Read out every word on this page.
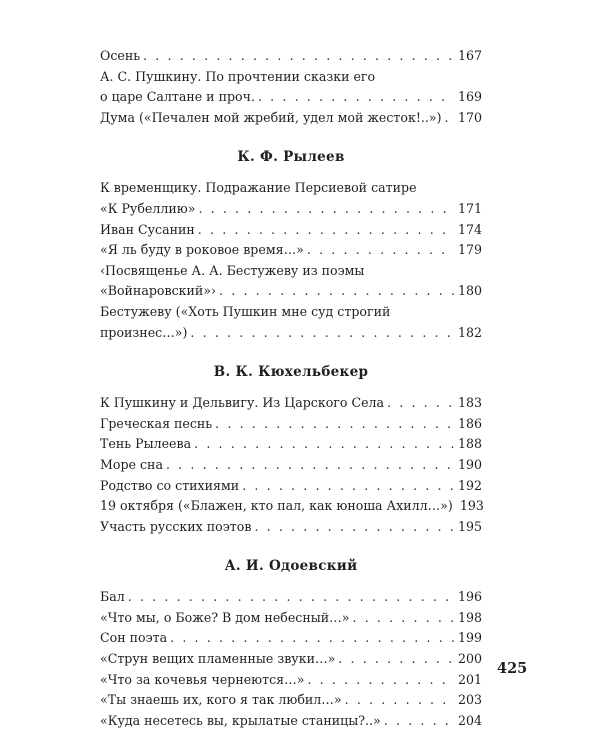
Осень . . .	167
А. С. Пушкину. По прочтении сказки его
о царе Салтане и проч. . . .	169
Дума («Печален мой жребий, удел мой жесток!..») . . .	170
К. Ф. Рылеев
К временщику. Подражание Персиевой сатире
«К Рубеллию» . . .	171
Иван Сусанин . . .	174
«Я ль буду в роковое время…» . . .	179
‹Посвященье А. А. Бестужеву из поэмы
«Войнаровский»› . . .	180
Бестужеву («Хоть Пушкин мне суд строгий
произнес…») . . .	182
В. К. Кюхельбекер
К Пушкину и Дельвигу. Из Царского Села . . .	183
Греческая песнь . . .	186
Тень Рылеева . . .	188
Море сна . . .	190
Родство со стихиями . . .	192
19 октября («Блажен, кто пал, как юноша Ахилл…») 193
Участь русских поэтов . . .	195
А. И. Одоевский
Бал . . .	196
«Что мы, о Боже? В дом небесный…» . . .	198
Сон поэта . . .	199
«Струн вещих пламенные звуки…» . . .	200
«Что за кочевья чернеются…» . . .	201
«Ты знаешь их, кого я так любил…» . . .	203
«Куда несетесь вы, крылатые станицы?..» . . .	204
425
